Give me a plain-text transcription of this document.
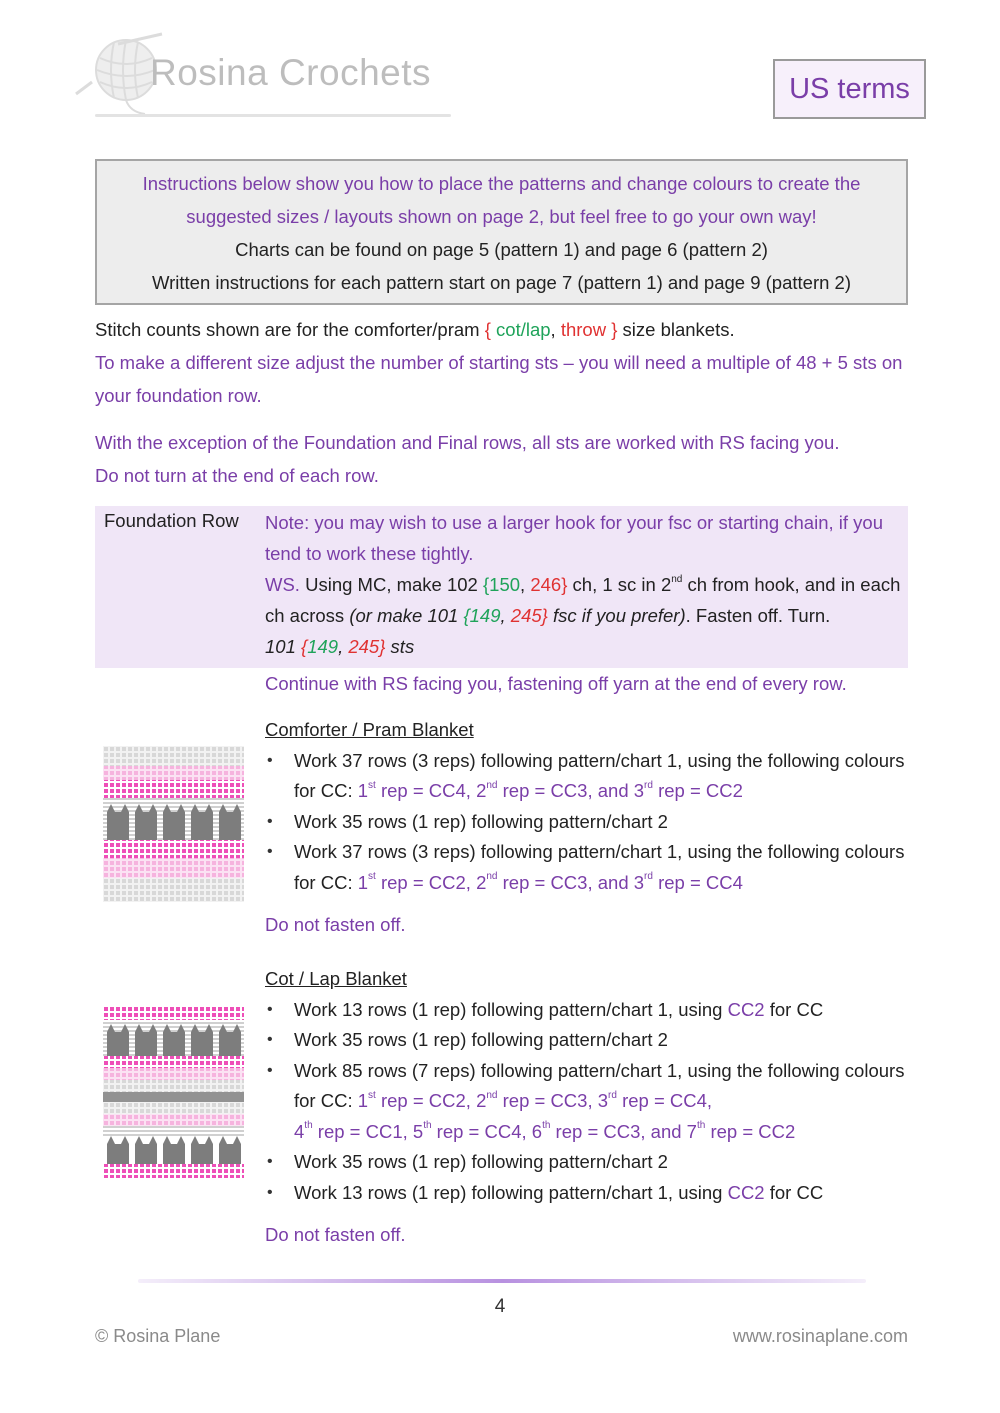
Rosina Crochets	US terms
Instructions below show you how to place the patterns and change colours to create the
suggested sizes / layouts shown on page 2, but feel free to go your own way!
Charts can be found on page 5 (pattern 1) and page 6 (pattern 2)
Written instructions for each pattern start on page 7 (pattern 1) and page 9 (pattern 2)
Stitch counts shown are for the comforter/pram { cot/lap, throw } size blankets.
To make a different size adjust the number of starting sts – you will need a multiple of 48 + 5 sts on your foundation row.
With the exception of the Foundation and Final rows, all sts are worked with RS facing you.
Do not turn at the end of each row.
Foundation Row Note: you may wish to use a larger hook for your fsc or starting chain, if you tend to work these tightly.
WS. Using MC, make 102 {150, 246} ch, 1 sc in 2nd ch from hook, and in each ch across (or make 101 {149, 245} fsc if you prefer). Fasten off. Turn.
101 {149, 245} sts
Continue with RS facing you, fastening off yarn at the end of every row.
Comforter / Pram Blanket
• Work 37 rows (3 reps) following pattern/chart 1, using the following colours for CC: 1st rep = CC4, 2nd rep = CC3, and 3rd rep = CC2
• Work 35 rows (1 rep) following pattern/chart 2
• Work 37 rows (3 reps) following pattern/chart 1, using the following colours for CC: 1st rep = CC2, 2nd rep = CC3, and 3rd rep = CC4
Do not fasten off.
Cot / Lap Blanket
• Work 13 rows (1 rep) following pattern/chart 1, using CC2 for CC
• Work 35 rows (1 rep) following pattern/chart 2
• Work 85 rows (7 reps) following pattern/chart 1, using the following colours for CC: 1st rep = CC2, 2nd rep = CC3, 3rd rep = CC4,
4th rep = CC1, 5th rep = CC4, 6th rep = CC3, and 7th rep = CC2
• Work 35 rows (1 rep) following pattern/chart 2
• Work 13 rows (1 rep) following pattern/chart 1, using CC2 for CC
Do not fasten off.
4
© Rosina Plane	www.rosinaplane.com
